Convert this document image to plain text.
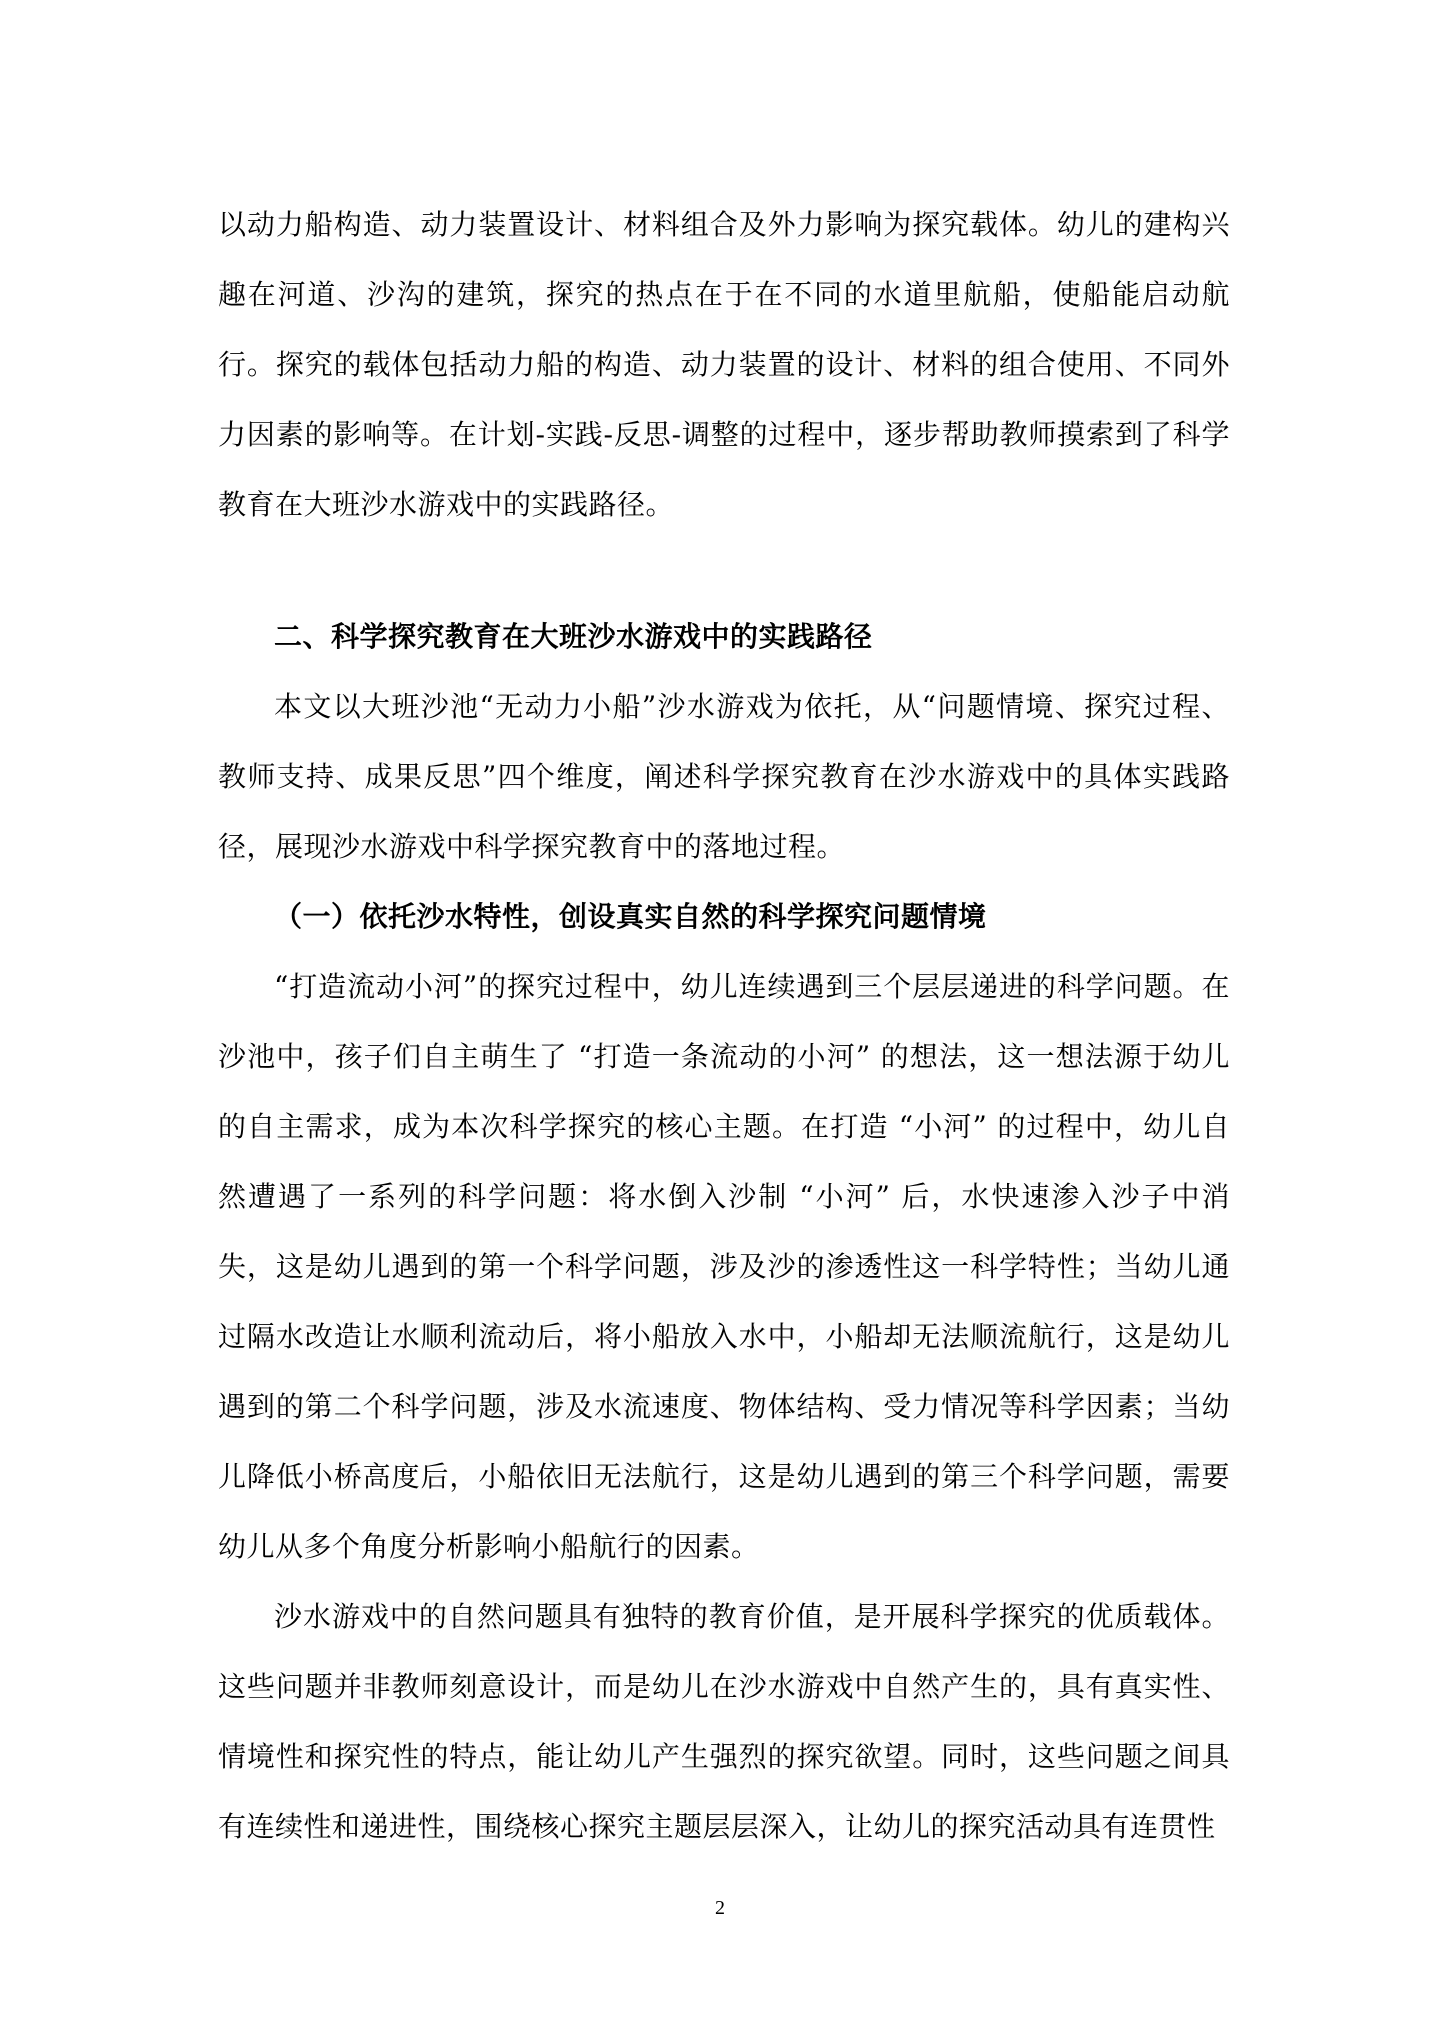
以动力船构造、动力装置设计、材料组合及外力影响为探究载体。幼儿的建构兴趣在河道、沙沟的建筑，探究的热点在于在不同的水道里航船，使船能启动航行。探究的载体包括动力船的构造、动力装置的设计、材料的组合使用、不同外力因素的影响等。在计划-实践-反思-调整的过程中，逐步帮助教师摸索到了科学教育在大班沙水游戏中的实践路径。

二、科学探究教育在大班沙水游戏中的实践路径

本文以大班沙池“无动力小船”沙水游戏为依托，从“问题情境、探究过程、教师支持、成果反思”四个维度，阐述科学探究教育在沙水游戏中的具体实践路径，展现沙水游戏中科学探究教育中的落地过程。

（一）依托沙水特性，创设真实自然的科学探究问题情境

“打造流动小河”的探究过程中，幼儿连续遇到三个层层递进的科学问题。在沙池中，孩子们自主萌生了 “打造一条流动的小河” 的想法，这一想法源于幼儿的自主需求，成为本次科学探究的核心主题。在打造 “小河” 的过程中，幼儿自然遭遇了一系列的科学问题：将水倒入沙制 “小河” 后，水快速渗入沙子中消失，这是幼儿遇到的第一个科学问题，涉及沙的渗透性这一科学特性；当幼儿通过隔水改造让水顺利流动后，将小船放入水中，小船却无法顺流航行，这是幼儿遇到的第二个科学问题，涉及水流速度、物体结构、受力情况等科学因素；当幼儿降低小桥高度后，小船依旧无法航行，这是幼儿遇到的第三个科学问题，需要幼儿从多个角度分析影响小船航行的因素。

沙水游戏中的自然问题具有独特的教育价值，是开展科学探究的优质载体。这些问题并非教师刻意设计，而是幼儿在沙水游戏中自然产生的，具有真实性、情境性和探究性的特点，能让幼儿产生强烈的探究欲望。同时，这些问题之间具有连续性和递进性，围绕核心探究主题层层深入，让幼儿的探究活动具有连贯性

2
